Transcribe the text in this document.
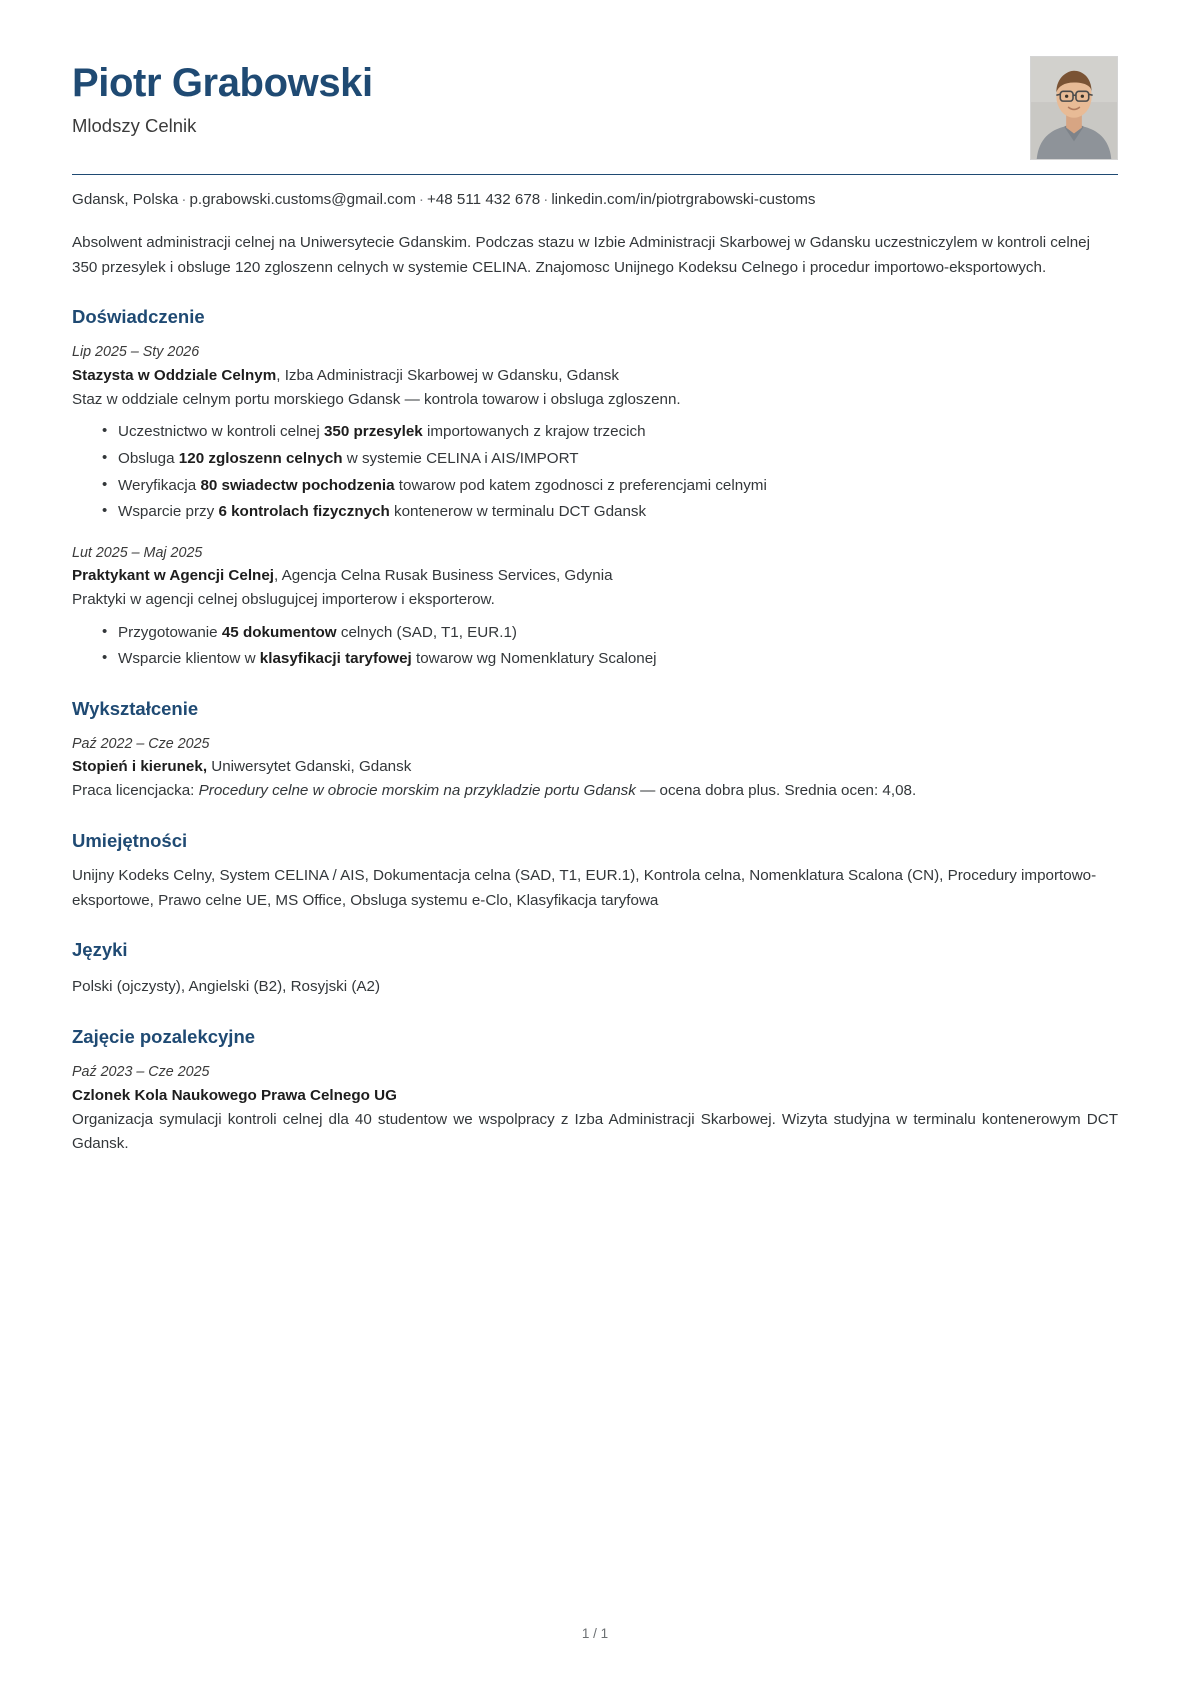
Piotr Grabowski
Mlodszy Celnik
Gdansk, Polska · p.grabowski.customs@gmail.com · +48 511 432 678 · linkedin.com/in/piotrgrabowski-customs
Absolwent administracji celnej na Uniwersytecie Gdanskim. Podczas stazu w Izbie Administracji Skarbowej w Gdansku uczestniczylem w kontroli celnej 350 przesylek i obsluge 120 zgloszenn celnych w systemie CELINA. Znajomosc Unijnego Kodeksu Celnego i procedur importowo-eksportowych.
Doświadczenie
Lip 2025 – Sty 2026
Stazysta w Oddziale Celnym, Izba Administracji Skarbowej w Gdansku, Gdansk
Staz w oddziale celnym portu morskiego Gdansk — kontrola towarow i obsluga zgloszenn.
• Uczestnictwo w kontroli celnej 350 przesylek importowanych z krajow trzecich
• Obsluga 120 zgloszenn celnych w systemie CELINA i AIS/IMPORT
• Weryfikacja 80 swiadectw pochodzenia towarow pod katem zgodnosci z preferencjami celnymi
• Wsparcie przy 6 kontrolach fizycznych kontenerow w terminalu DCT Gdansk
Lut 2025 – Maj 2025
Praktykant w Agencji Celnej, Agencja Celna Rusak Business Services, Gdynia
Praktyki w agencji celnej obslugujcej importerow i eksporterow.
• Przygotowanie 45 dokumentow celnych (SAD, T1, EUR.1)
• Wsparcie klientow w klasyfikacji taryfowej towarow wg Nomenklatury Scalonej
Wykształcenie
Paź 2022 – Cze 2025
Stopień i kierunek, Uniwersytet Gdanski, Gdansk
Praca licencjacka: Procedury celne w obrocie morskim na przykladzie portu Gdansk — ocena dobra plus. Srednia ocen: 4,08.
Umiejętności
Unijny Kodeks Celny, System CELINA / AIS, Dokumentacja celna (SAD, T1, EUR.1), Kontrola celna, Nomenklatura Scalona (CN), Procedury importowo-eksportowe, Prawo celne UE, MS Office, Obsluga systemu e-Clo, Klasyfikacja taryfowa
Języki
Polski (ojczysty), Angielski (B2), Rosyjski (A2)
Zajęcie pozalekcyjne
Paź 2023 – Cze 2025
Czlonek Kola Naukowego Prawa Celnego UG
Organizacja symulacji kontroli celnej dla 40 studentow we wspolpracy z Izba Administracji Skarbowej. Wizyta studyjna w terminalu kontenerowym DCT Gdansk.
1 / 1
